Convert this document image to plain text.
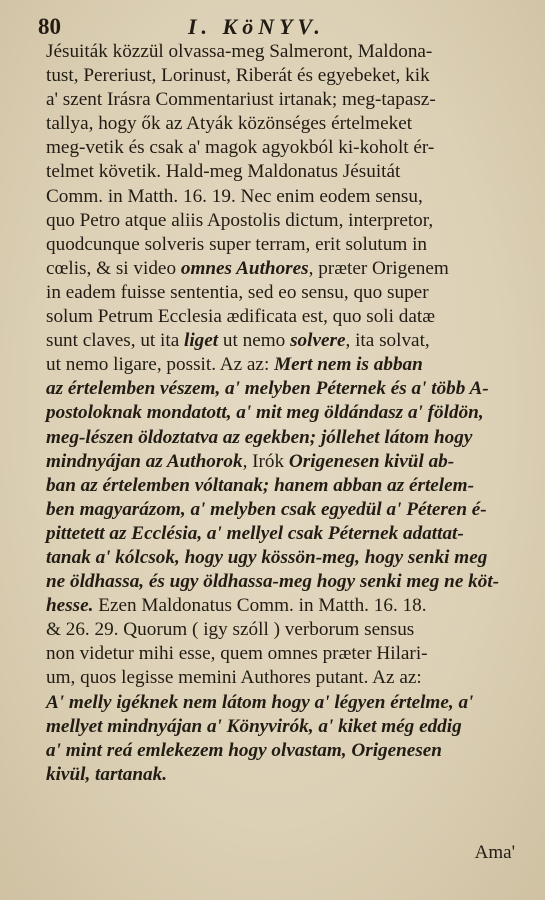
80	I. KöNYV.
Jésuiták közzül olvassa-meg Salmeront, Maldona-
tust, Pereriust, Lorinust, Riberát és egyebeket, kik
a' szent Irásra Commentariust irtanak; meg-tapasz-
tallya, hogy ők az Atyák közönséges értelmeket
meg-vetik és csak a' magok agyokból ki-koholt ér-
telmet követik. Hald-meg Maldonatus Jésuitát
Comm. in Matth. 16. 19. Nec enim eodem sensu,
quo Petro atque aliis Apostolis dictum, interpretor,
quodcunque solveris super terram, erit solutum in
cœlis, & si video omnes Authores, præter Origenem
in eadem fuisse sententia, sed eo sensu, quo super
solum Petrum Ecclesia ædificata est, quo soli datæ
sunt claves, ut ita liget ut nemo solvere, ita solvat,
ut nemo ligare, possit. Az az: Mert nem is abban
az értelemben vészem, a' melyben Péternek és a' több A-
postoloknak mondatott, a' mit meg öldándasz a' földön,
meg-lészen öldoztatva az egekben; jóllehet látom hogy
mindnyájan az Authorok, Irók Origenesen kivül ab-
ban az értelemben vóltanak; hanem abban az értelem-
ben magyarázom, a' melyben csak egyedül a' Péteren é-
pittetett az Ecclésia, a' mellyel csak Péternek adattat-
tanak a' kólcsok, hogy ugy kössön-meg, hogy senki meg
ne öldhassa, és ugy öldhassa-meg hogy senki meg ne köt-
hesse. Ezen Maldonatus Comm. in Matth. 16. 18.
& 26. 29. Quorum ( igy szóll ) verborum sensus
non videtur mihi esse, quem omnes præter Hilari-
um, quos legisse memini Authores putant. Az az:
A' melly igéknek nem látom hogy a' légyen értelme, a'
mellyet mindnyájan a' Könyvirók, a' kiket még eddig
a' mint reá emlekezem hogy olvastam, Origenesen
kivül, tartanak.
Ama'
